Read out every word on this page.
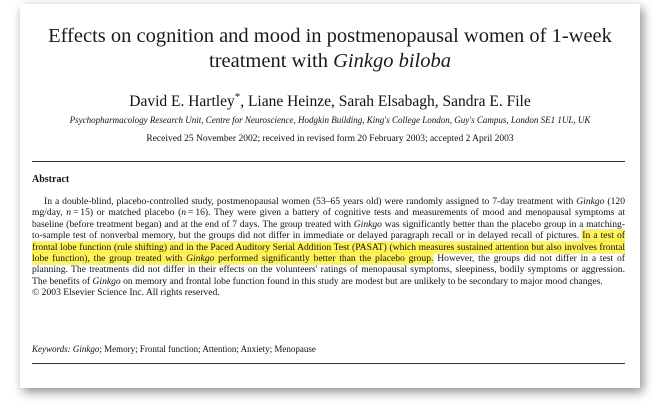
Effects on cognition and mood in postmenopausal women of 1-week
treatment with Ginkgo biloba
David E. Hartley*, Liane Heinze, Sarah Elsabagh, Sandra E. File
Psychopharmacology Research Unit, Centre for Neuroscience, Hodgkin Building, King's College London, Guy's Campus, London SE1 1UL, UK
Received 25 November 2002; received in revised form 20 February 2003; accepted 2 April 2003
Abstract

In a double-blind, placebo-controlled study, postmenopausal women (53–65 years old) were randomly assigned to 7-day treatment with Ginkgo (120 mg/day, n = 15) or matched placebo (n = 16). They were given a battery of cognitive tests and measurements of mood and menopausal symptoms at baseline (before treatment began) and at the end of 7 days. The group treated with Ginkgo was significantly better than the placebo group in a matching-to-sample test of nonverbal memory, but the groups did not differ in immediate or delayed paragraph recall or in delayed recall of pictures. In a test of frontal lobe function (rule shifting) and in the Paced Auditory Serial Addition Test (PASAT) (which measures sustained attention but also involves frontal lobe function), the group treated with Ginkgo performed significantly better than the placebo group. However, the groups did not differ in a test of planning. The treatments did not differ in their effects on the volunteers' ratings of menopausal symptoms, sleepiness, bodily symptoms or aggression. The benefits of Ginkgo on memory and frontal lobe function found in this study are modest but are unlikely to be secondary to major mood changes.

© 2003 Elsevier Science Inc. All rights reserved.
Keywords: Ginkgo; Memory; Frontal function; Attention; Anxiety; Menopause
